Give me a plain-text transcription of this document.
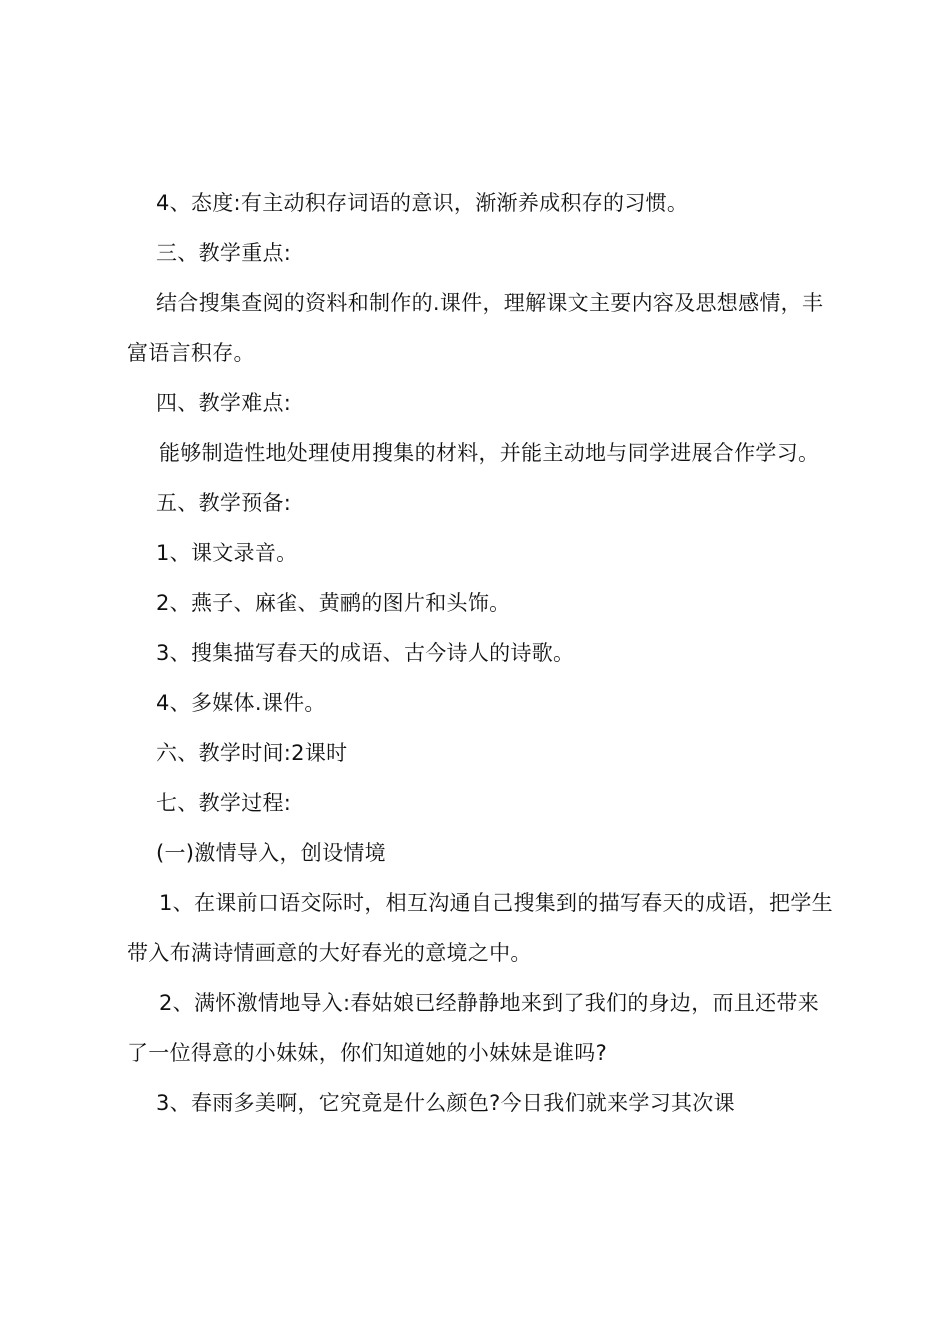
4、态度:有主动积存词语的意识，渐渐养成积存的习惯。

三、教学重点:

结合搜集查阅的资料和制作的.课件，理解课文主要内容及思想感情，丰富语言积存。

四、教学难点:

能够制造性地处理使用搜集的材料，并能主动地与同学进展合作学习。

五、教学预备:

1、课文录音。

2、燕子、麻雀、黄鹂的图片和头饰。

3、搜集描写春天的成语、古今诗人的诗歌。

4、多媒体.课件。

六、教学时间:2课时

七、教学过程:

(一)激情导入，创设情境

1、在课前口语交际时，相互沟通自己搜集到的描写春天的成语，把学生带入布满诗情画意的大好春光的意境之中。

2、满怀激情地导入:春姑娘已经静静地来到了我们的身边，而且还带来了一位得意的小妹妹，你们知道她的小妹妹是谁吗?

3、春雨多美啊，它究竟是什么颜色?今日我们就来学习其次课
